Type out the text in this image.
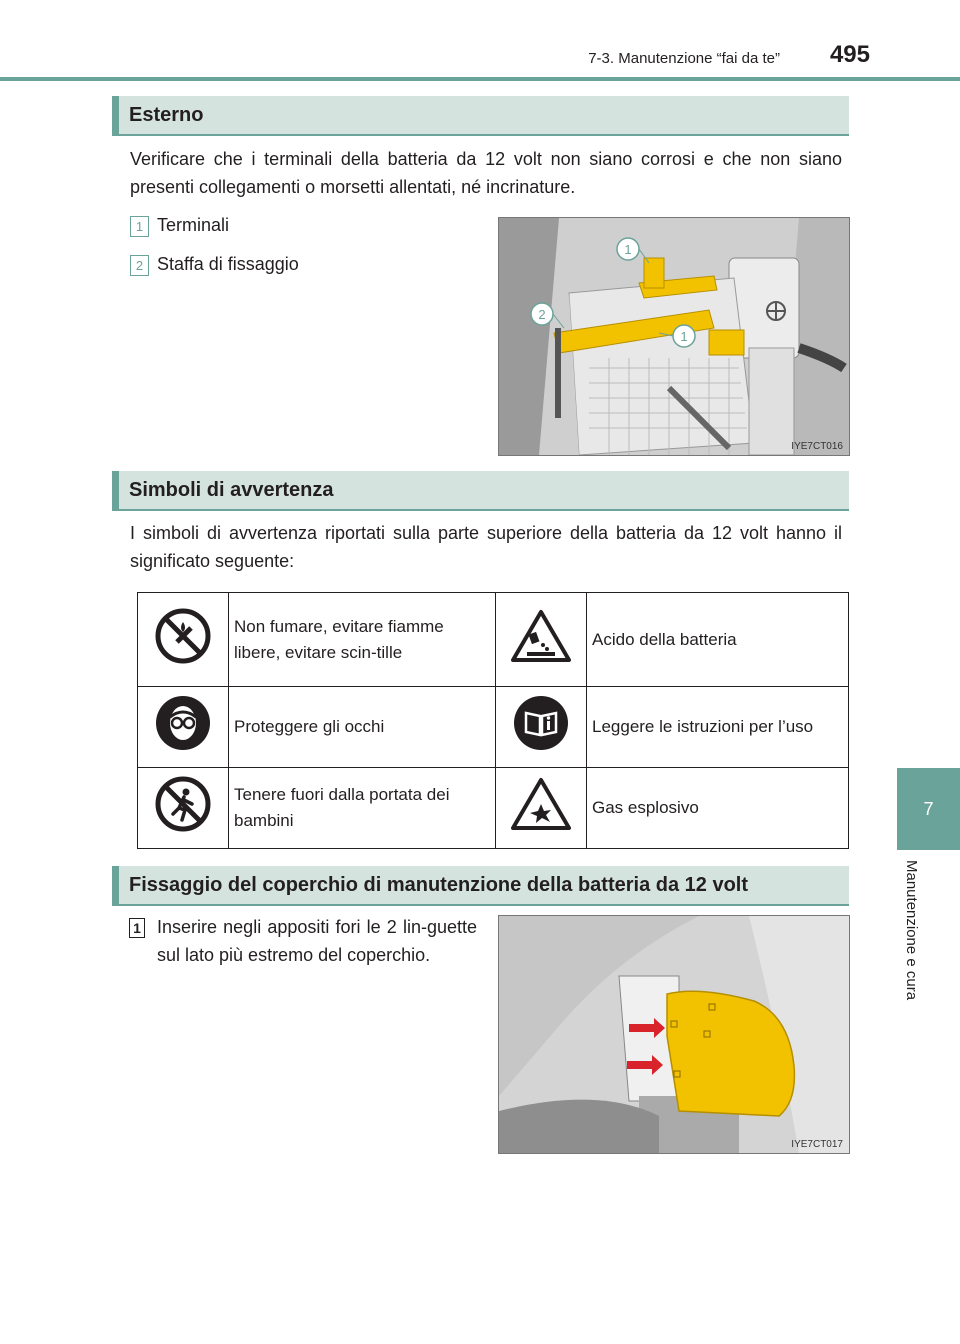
7-3. Manutenzione “fai da te”	495
7
Manutenzione e cura
Esterno
Verificare che i terminali della batteria da 12 volt non siano corrosi e che non siano presenti collegamenti o morsetti allentati, né incrinature.
1 Terminali
2 Staffa di fissaggio
1
2
1
IYE7CT016
Simboli di avvertenza
I simboli di avvertenza riportati sulla parte superiore della batteria da 12 volt hanno il significato seguente:
	Non fumare, evitare fiamme libere, evitare scin-tille		Acido della batteria
	Proteggere gli occhi		Leggere le istruzioni per l’uso
	Tenere fuori dalla portata dei bambini		Gas esplosivo
Fissaggio del coperchio di manutenzione della batteria da 12 volt
1 Inserire negli appositi fori le 2 lin-guette sul lato più estremo del coperchio.
IYE7CT017
